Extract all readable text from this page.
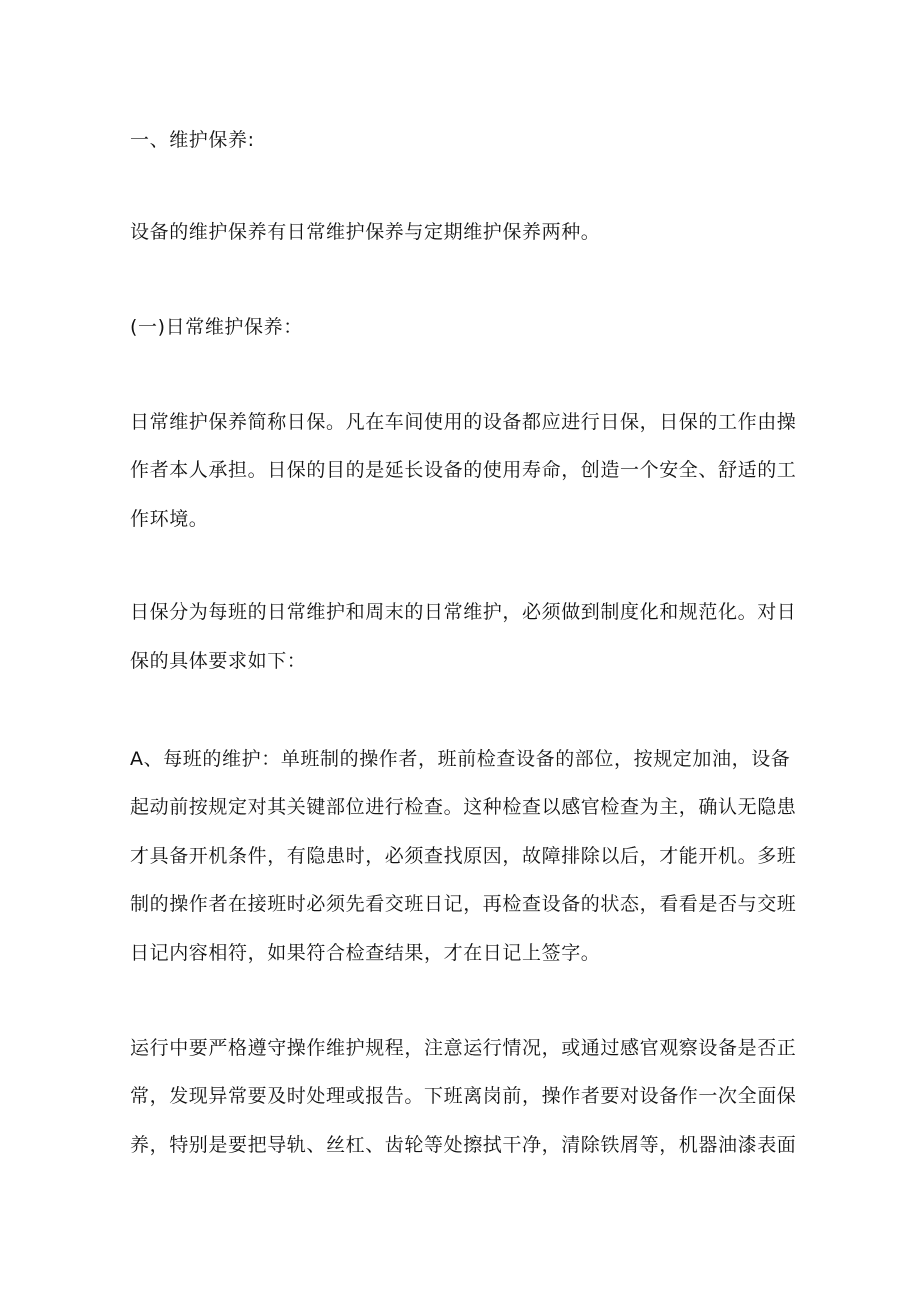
一、维护保养:
设备的维护保养有日常维护保养与定期维护保养两种。
(一)日常维护保养：
日常维护保养简称日保。凡在车间使用的设备都应进行日保，日保的工作由操
作者本人承担。日保的目的是延长设备的使用寿命，创造一个安全、舒适的工
作环境。
日保分为每班的日常维护和周末的日常维护，必须做到制度化和规范化。对日
保的具体要求如下：
A、每班的维护：单班制的操作者，班前检查设备的部位，按规定加油，设备
起动前按规定对其关键部位进行检查。这种检查以感官检查为主，确认无隐患
才具备开机条件，有隐患时，必须查找原因，故障排除以后，才能开机。多班
制的操作者在接班时必须先看交班日记，再检查设备的状态，看看是否与交班
日记内容相符，如果符合检查结果，才在日记上签字。
运行中要严格遵守操作维护规程，注意运行情况，或通过感官观察设备是否正
常，发现异常要及时处理或报告。下班离岗前，操作者要对设备作一次全面保
养，特别是要把导轨、丝杠、齿轮等处擦拭干净，清除铁屑等，机器油漆表面
